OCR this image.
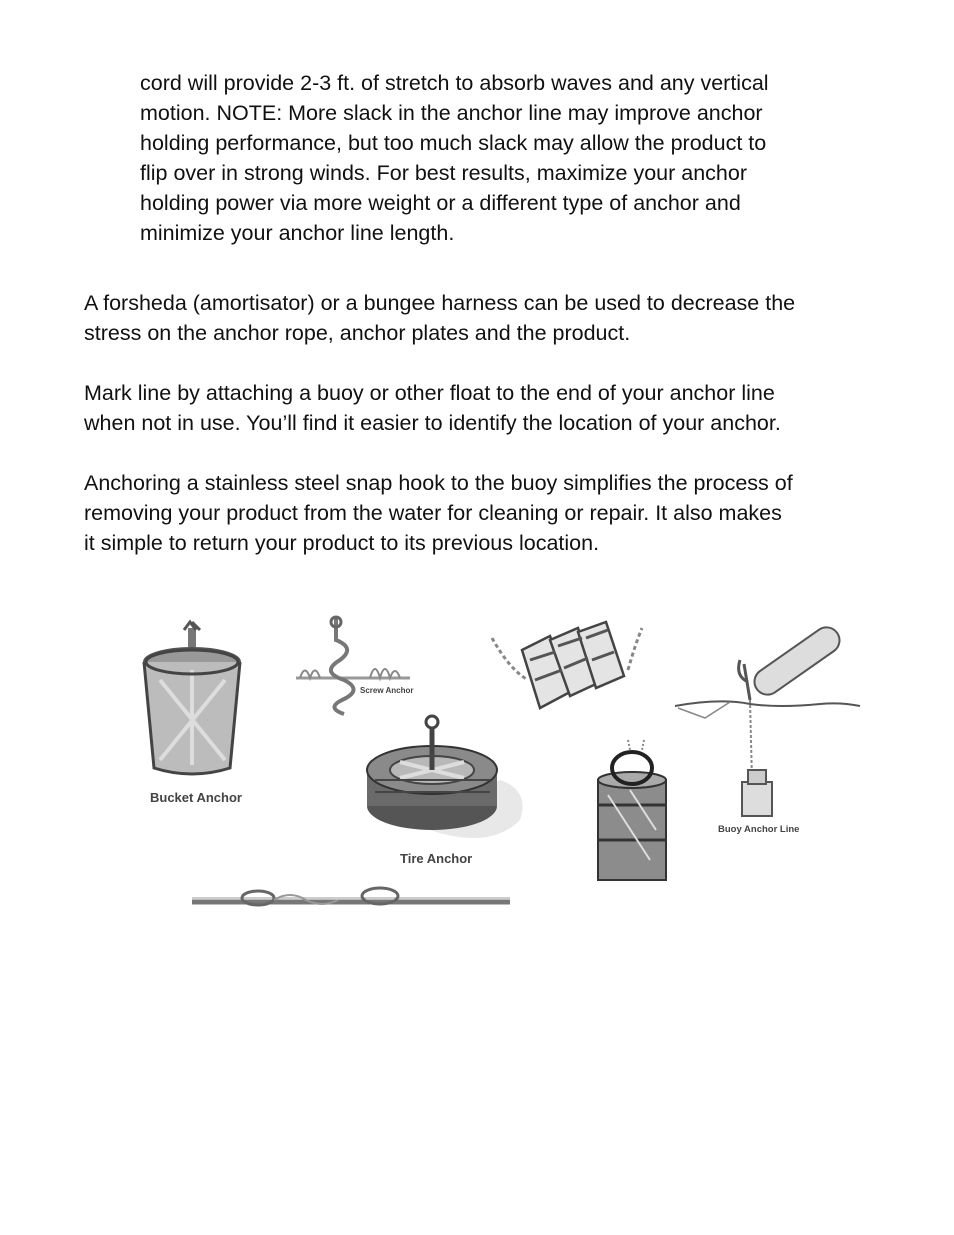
cord will provide 2-3 ft. of stretch to absorb waves and any vertical
motion. NOTE: More slack in the anchor line may improve anchor
holding performance, but too much slack may allow the product to
flip over in strong winds. For best results, maximize your anchor
holding power via more weight or a different type of anchor and
minimize your anchor line length.
A forsheda (amortisator) or a bungee harness can be used to decrease the
stress on the anchor rope, anchor plates and the product.
Mark line by attaching a buoy or other float to the end of your anchor line
when not in use. You’ll find it easier to identify the location of your anchor.
Anchoring a stainless steel snap hook to the buoy simplifies the process of
removing your product from the water for cleaning or repair. It also makes
it simple to return your product to its previous location.
Bucket Anchor
Screw Anchor
Buoy Anchor Line
Tire Anchor
